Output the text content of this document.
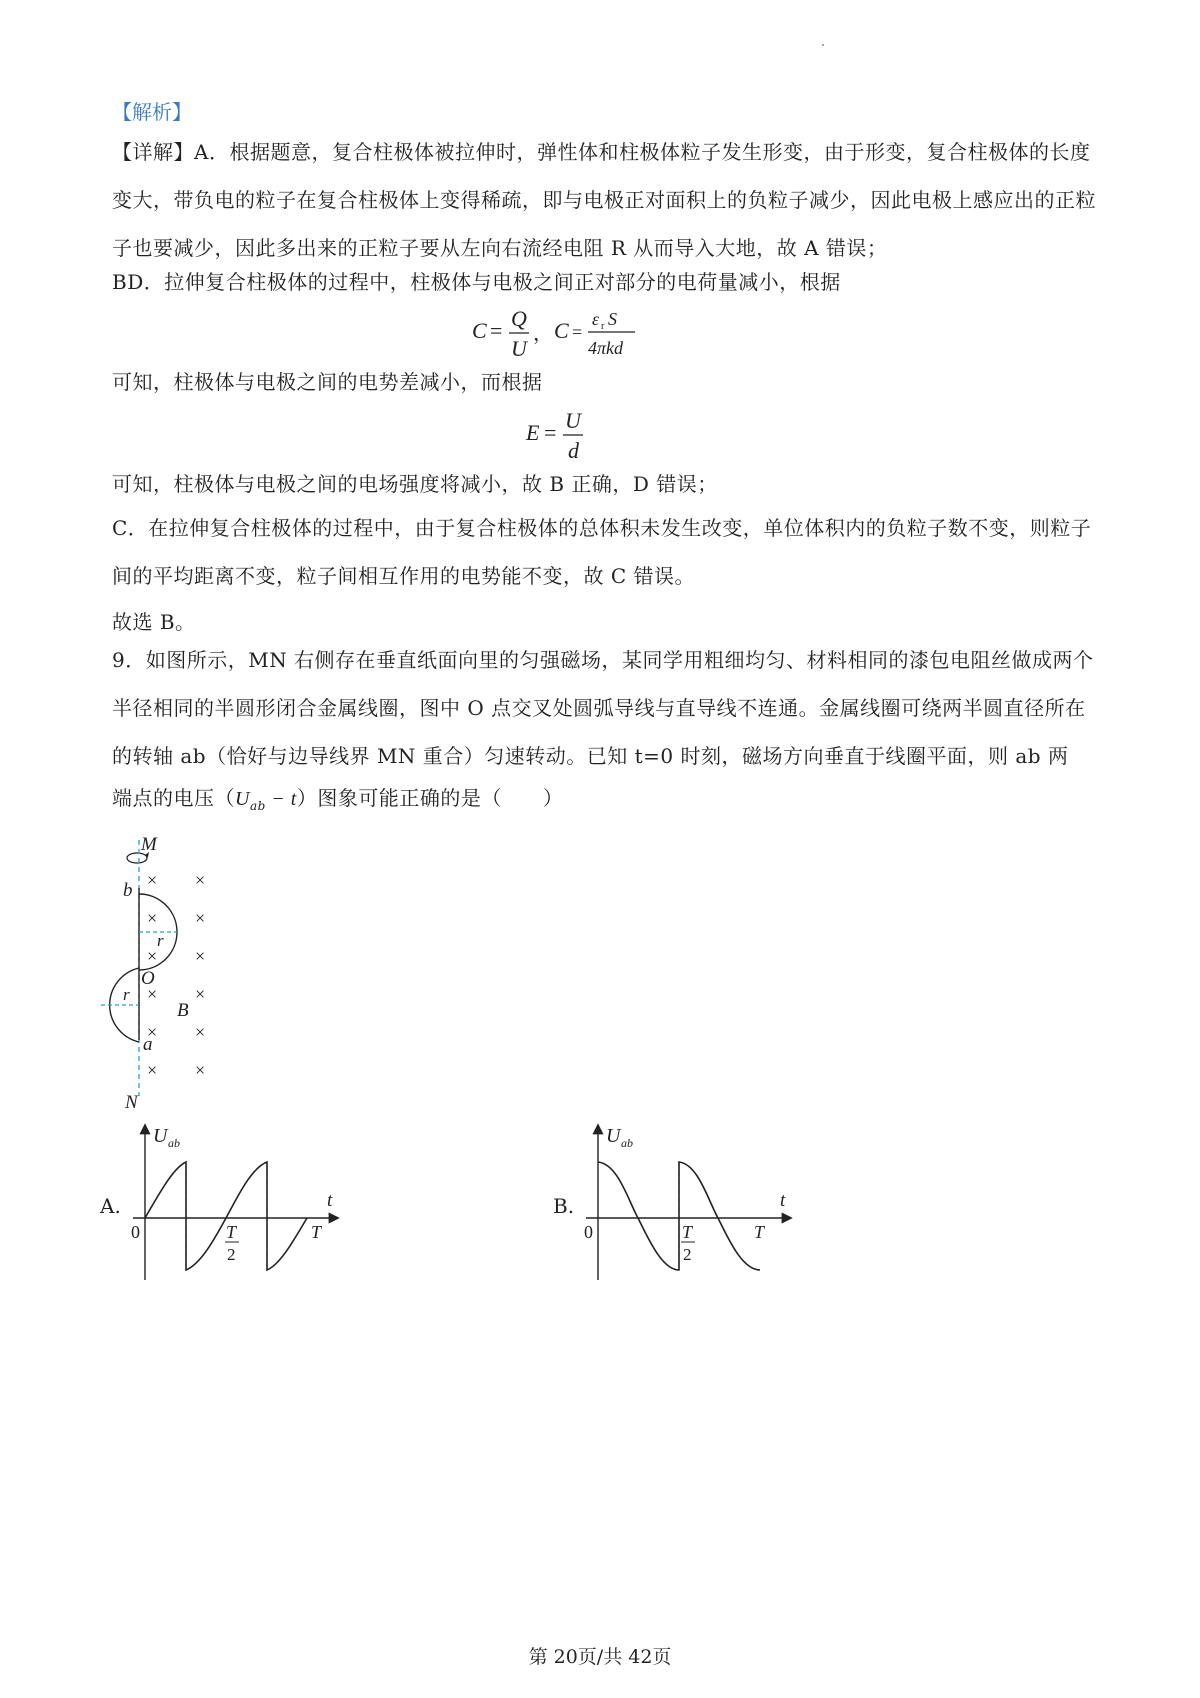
【解析】

【详解】A．根据题意，复合柱极体被拉伸时，弹性体和柱极体粒子发生形变，由于形变，复合柱极体的长度变大，带负电的粒子在复合柱极体上变得稀疏，即与电极正对面积上的负粒子减少，因此电极上感应出的正粒子也要减少，因此多出来的正粒子要从左向右流经电阻 R 从而导入大地，故 A 错误；

BD．拉伸复合柱极体的过程中，柱极体与电极之间正对部分的电荷量减小，根据

C = Q
U
， C =
ε r S
4πkd

可知，柱极体与电极之间的电势差减小，而根据

E = U
d

可知，柱极体与电极之间的电场强度将减小，故 B 正确，D 错误；

C．在拉伸复合柱极体的过程中，由于复合柱极体的总体积未发生改变，单位体积内的负粒子数不变，则粒子间的平均距离不变，粒子间相互作用的电势能不变，故 C 错误。

故选 B。

9．如图所示，MN 右侧存在垂直纸面向里的匀强磁场，某同学用粗细均匀、材料相同的漆包电阻丝做成两个半径相同的半圆形闭合金属线圈，图中 O 点交叉处圆弧导线与直导线不连通。金属线圈可绕两半圆直径所在的转轴 ab（恰好与边导线界 MN 重合）匀速转动。已知 t=0 时刻，磁场方向垂直于线圈平面，则 ab 两

端点的电压$(U_{ab} - t)$图象可能正确的是（　　）

M
N
r
r
b
O
a
B
× ×
× ×
× ×
× ×
× ×
× ×
A.
U ab
t
0	T
2
T
B.
U ab
t
0	T
2
T
第 20页/共 42页
